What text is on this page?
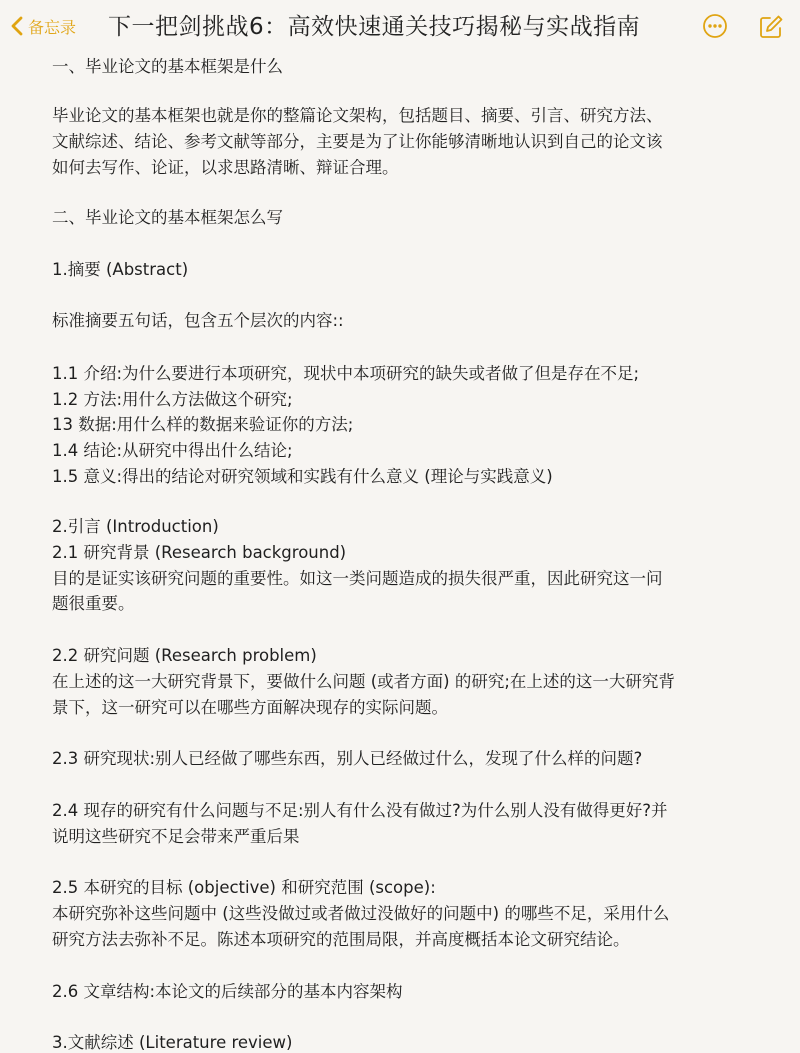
备忘录 下一把剑挑战6：高效快速通关技巧揭秘与实战指南
一、毕业论文的基本框架是什么
毕业论文的基本框架也就是你的整篇论文架构，包括题目、摘要、引言、研究方法、
文献综述、结论、参考文献等部分，主要是为了让你能够清晰地认识到自己的论文该
如何去写作、论证，以求思路清晰、辩证合理。
二、毕业论文的基本框架怎么写
1.摘要 (Abstract)
标准摘要五句话，包含五个层次的内容::
1.1 介绍:为什么要进行本项研究，现状中本项研究的缺失或者做了但是存在不足;
1.2 方法:用什么方法做这个研究;
13 数据:用什么样的数据来验证你的方法;
1.4 结论:从研究中得出什么结论;
1.5 意义:得出的结论对研究领域和实践有什么意义 (理论与实践意义)
2.引言 (Introduction)
2.1 研究背景 (Research background)
目的是证实该研究问题的重要性。如这一类问题造成的损失很严重，因此研究这一问
题很重要。
2.2 研究问题 (Research problem)
在上述的这一大研究背景下，要做什么问题 (或者方面) 的研究;在上述的这一大研究背
景下，这一研究可以在哪些方面解决现存的实际问题。
2.3 研究现状:别人已经做了哪些东西，别人已经做过什么，发现了什么样的问题?
2.4 现存的研究有什么问题与不足:别人有什么没有做过?为什么别人没有做得更好?并
说明这些研究不足会带来严重后果
2.5 本研究的目标 (objective) 和研究范围 (scope):
本研究弥补这些问题中 (这些没做过或者做过没做好的问题中) 的哪些不足，采用什么
研究方法去弥补不足。陈述本项研究的范围局限，并高度概括本论文研究结论。
2.6 文章结构:本论文的后续部分的基本内容架构
3.文献综述 (Literature review)
